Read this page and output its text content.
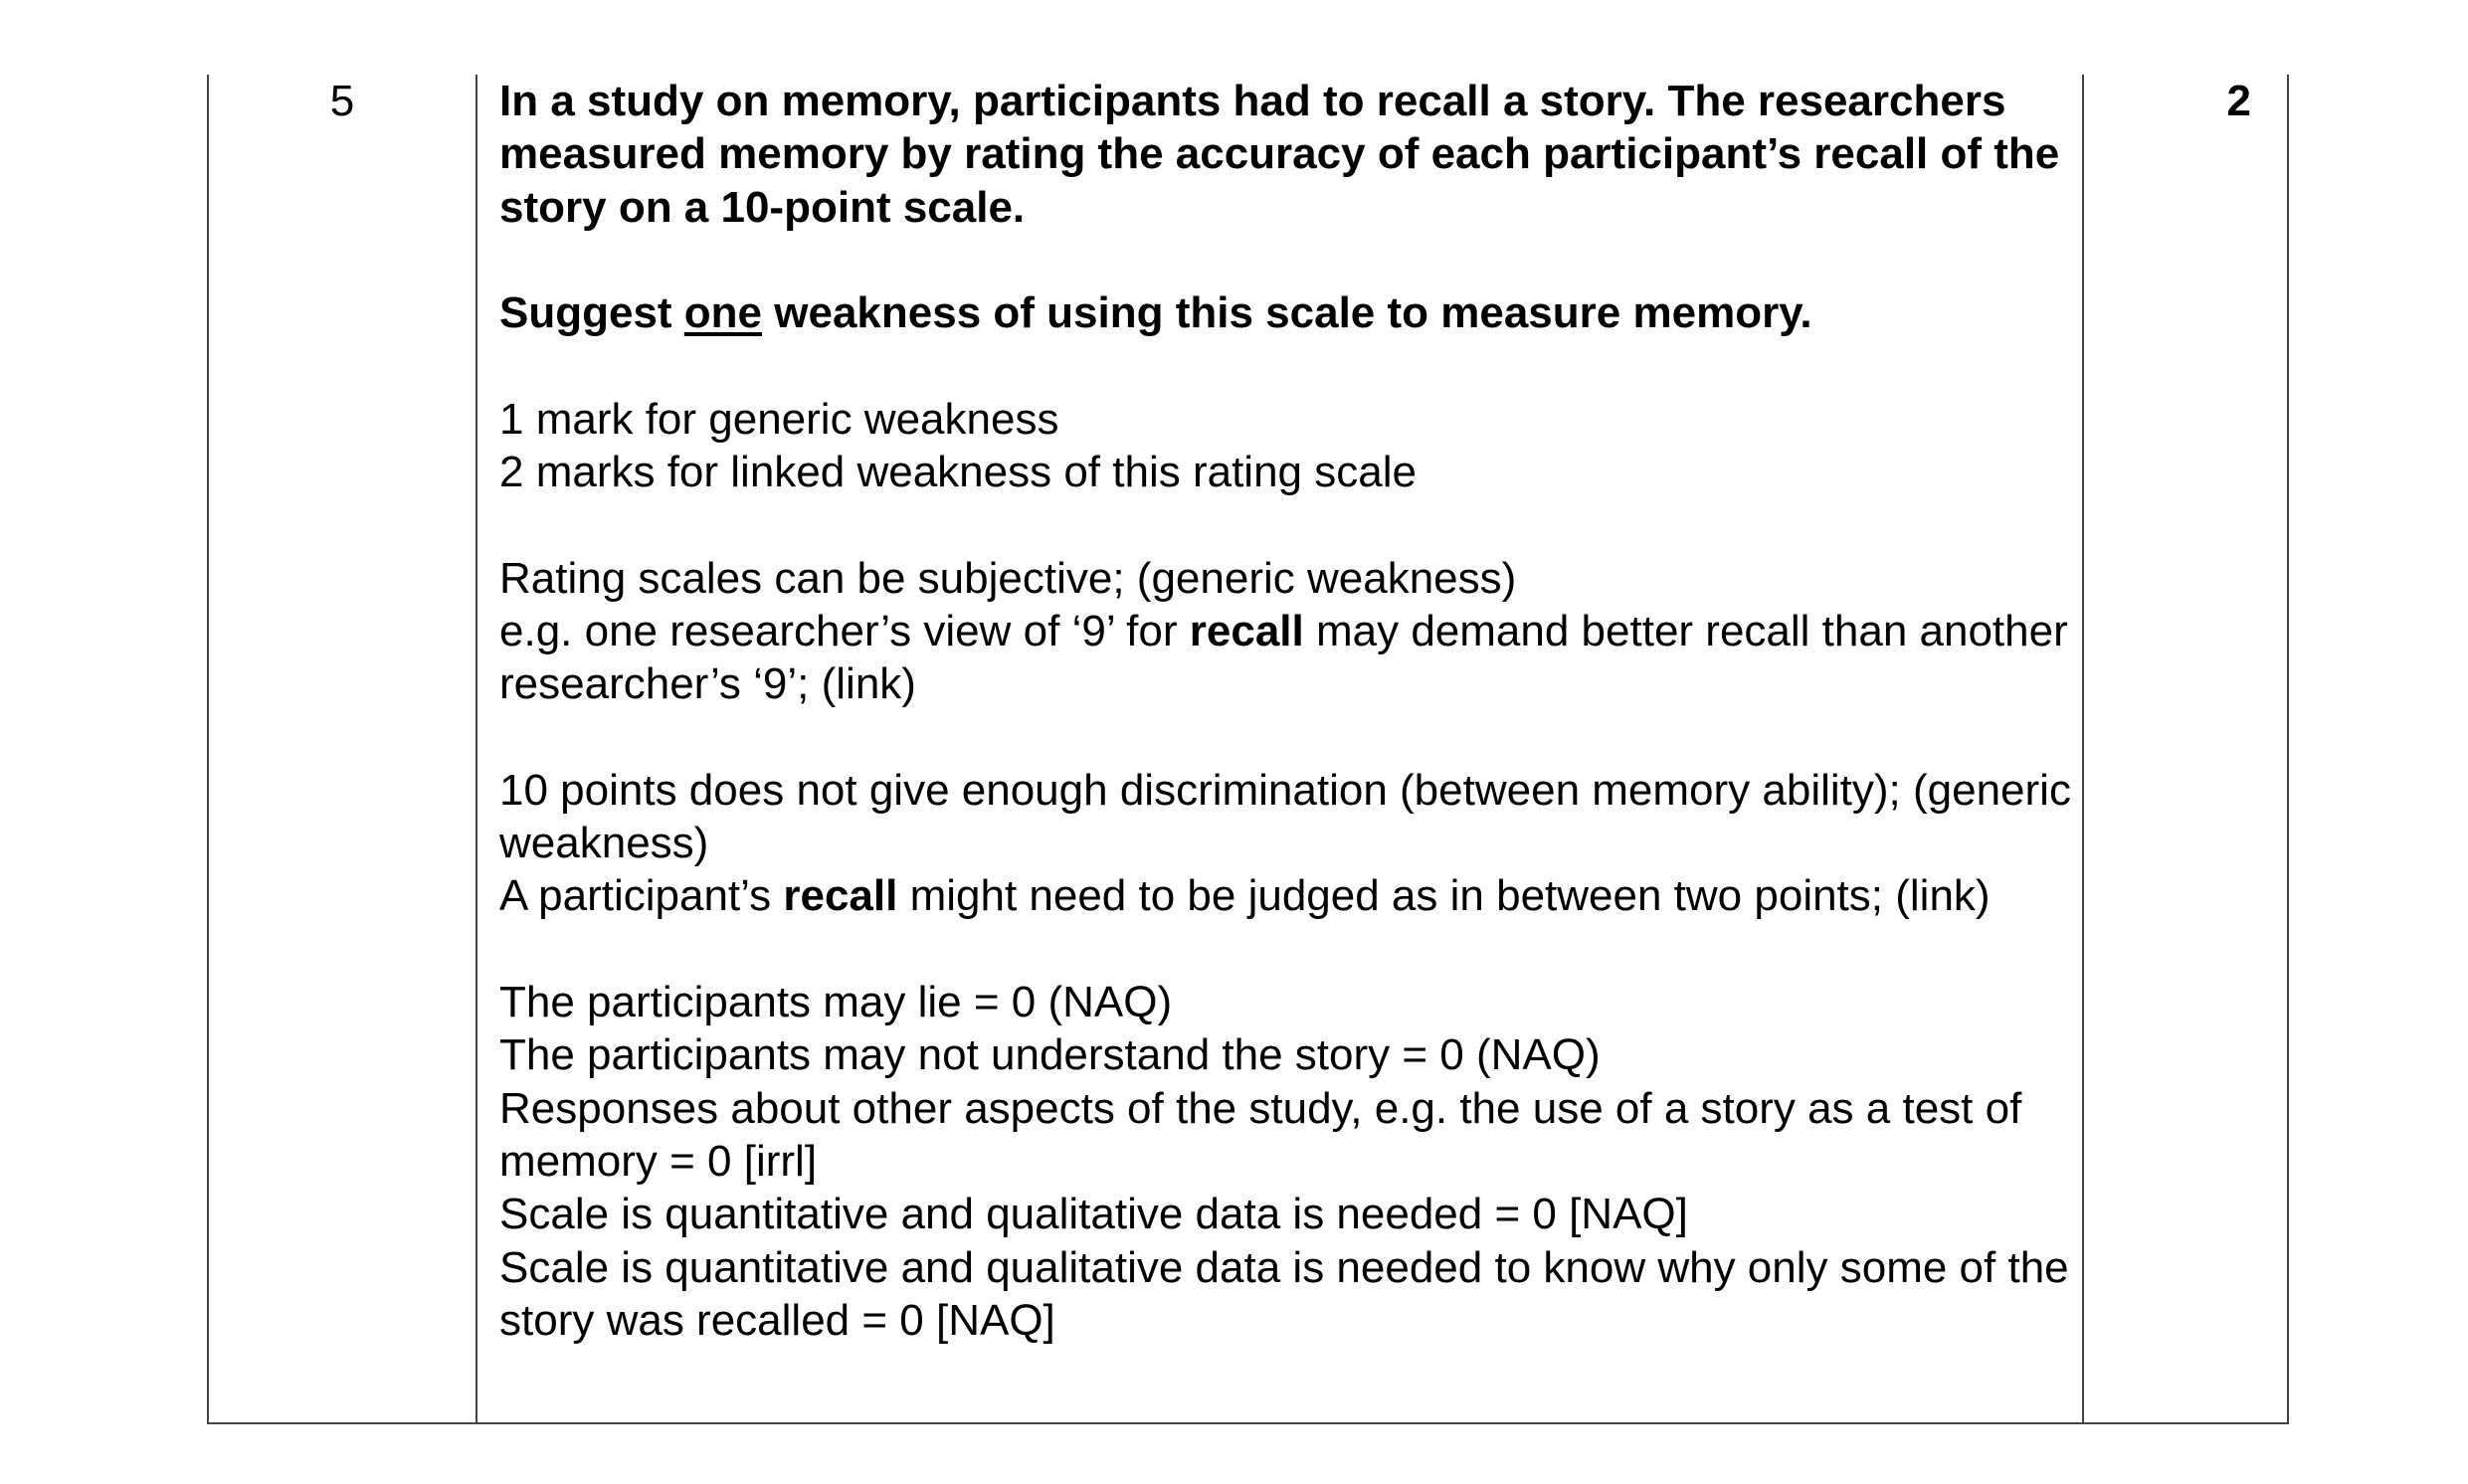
5	In a study on memory, participants had to recall a story. The researchers measured memory by rating the accuracy of each participant’s recall of the story on a 10-point scale.

Suggest one weakness of using this scale to measure memory.

1 mark for generic weakness

2 marks for linked weakness of this rating scale

Rating scales can be subjective; (generic weakness)

e.g. one researcher’s view of ‘9’ for recall may demand better recall than another researcher’s ‘9’; (link)

10 points does not give enough discrimination (between memory ability); (generic weakness)

A participant’s recall might need to be judged as in between two points; (link)

The participants may lie = 0 (NAQ)

The participants may not understand the story = 0 (NAQ)

Responses about other aspects of the study, e.g. the use of a story as a test of memory = 0 [irrl]

Scale is quantitative and qualitative data is needed = 0 [NAQ]

Scale is quantitative and qualitative data is needed to know why only some of the story was recalled = 0 [NAQ]

2
